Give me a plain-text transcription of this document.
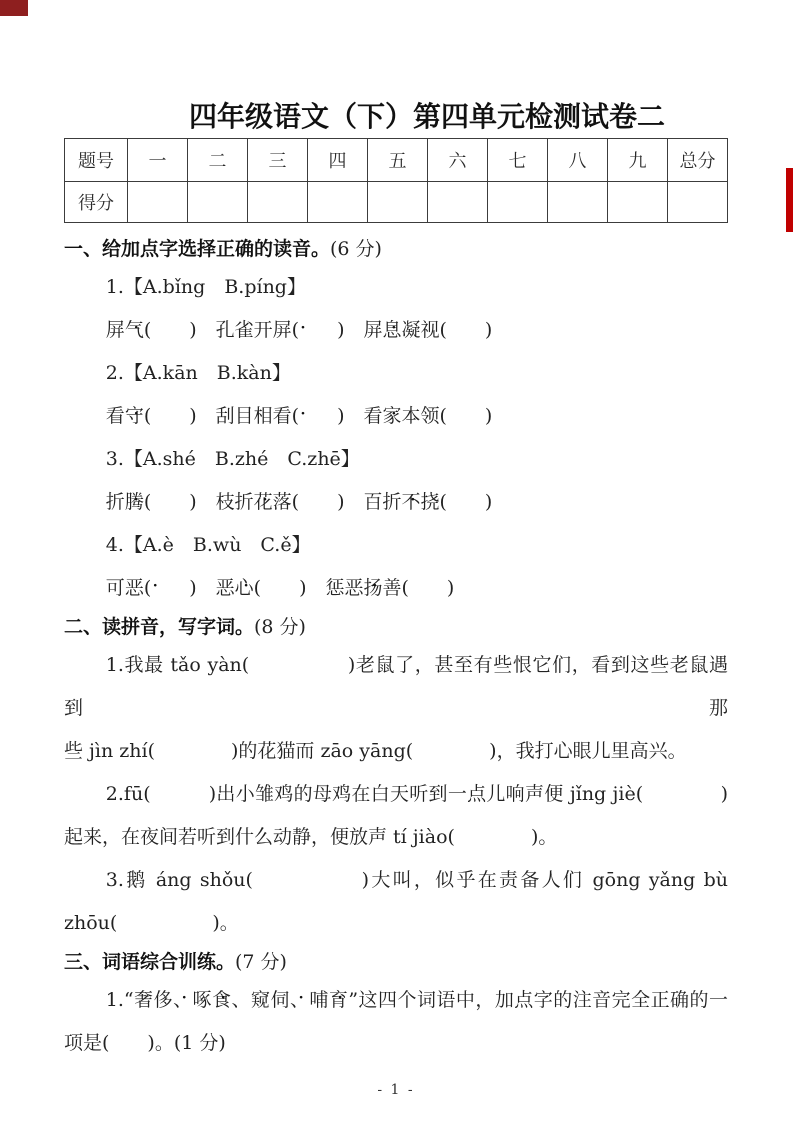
四年级语文（下）第四单元检测试卷二
题号	一	二	三	四	五	六	七	八	九	总分
得分										
一、给加点字选择正确的读音。(6 分)
1.【A.bǐng　B.píng】
屏 ·气(　　)　孔雀开屏 ·(　　)　屏 ·息凝视(　　)
2.【A.kān　B.kàn】
看 ·守(　　)　刮目相看 ·(　　)　看 ·家本领(　　)
3.【A.shé　B.zhé　C.zhē】
折 ·腾(　　)　枝折 ·花落(　　)　百折 ·不挠(　　)
4.【A.è　B.wù　C.ě】
可恶 ·(　　)　恶 ·心(　　)　惩恶 ·扬善(　　)
二、读拼音，写字词。(8 分)
1.我最 tǎo yàn(　　　　　)老鼠了，甚至有些恨它们，看到这些老鼠遇到那
些 jìn zhí(　　　　)的花猫而 zāo yāng(　　　　)，我打心眼儿里高兴。
2.fū(　　　)出小雏鸡的母鸡在白天听到一点儿响声便 jǐng jiè(　　　　)
起来，在夜间若听到什么动静，便放声 tí jiào(　　　　)。
3.鹅 áng shǒu(　　　　　)大叫，似乎在责备人们 gōng yǎng bù
zhōu(　　　　　)。
三、词语综合训练。(7 分)
1.“奢侈 ·、啄 ·食、窥伺 ·、哺 ·育”这四个词语中，加点字的注音完全正确的一
项是(　　)。(1 分)
- 1 -
